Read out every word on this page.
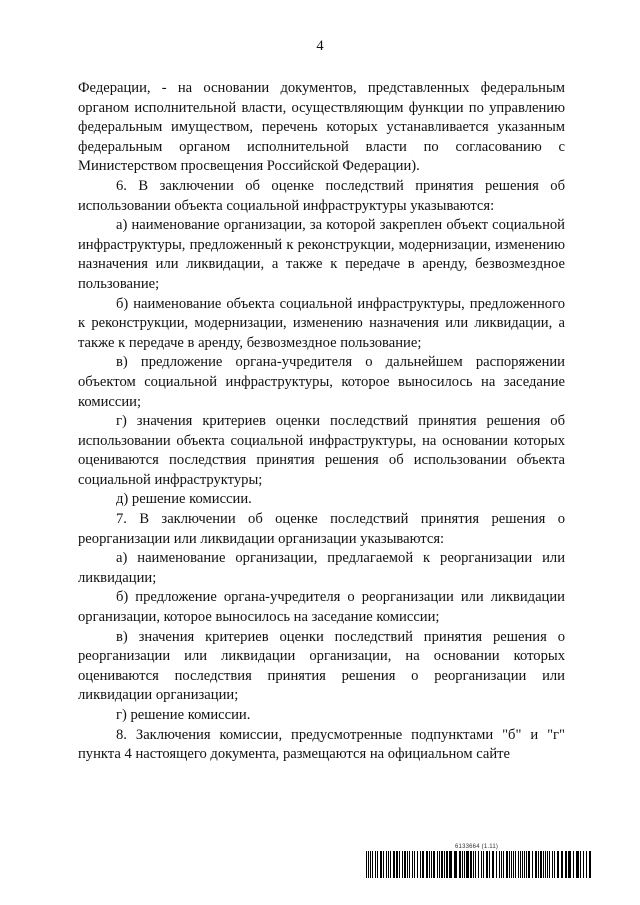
4

Федерации, - на основании документов, представленных федеральным органом исполнительной власти, осуществляющим функции по управлению федеральным имуществом, перечень которых устанавливается указанным федеральным органом исполнительной власти по согласованию с Министерством просвещения Российской Федерации).

6. В заключении об оценке последствий принятия решения об использовании объекта социальной инфраструктуры указываются:

а) наименование организации, за которой закреплен объект социальной инфраструктуры, предложенный к реконструкции, модернизации, изменению назначения или ликвидации, а также к передаче в аренду, безвозмездное пользование;

б) наименование объекта социальной инфраструктуры, предложенного к реконструкции, модернизации, изменению назначения или ликвидации, а также к передаче в аренду, безвозмездное пользование;

в) предложение органа-учредителя о дальнейшем распоряжении объектом социальной инфраструктуры, которое выносилось на заседание комиссии;

г) значения критериев оценки последствий принятия решения об использовании объекта социальной инфраструктуры, на основании которых оцениваются последствия принятия решения об использовании объекта социальной инфраструктуры;

д) решение комиссии.

7. В заключении об оценке последствий принятия решения о реорганизации или ликвидации организации указываются:

а) наименование организации, предлагаемой к реорганизации или ликвидации;

б) предложение органа-учредителя о реорганизации или ликвидации организации, которое выносилось на заседание комиссии;

в) значения критериев оценки последствий принятия решения о реорганизации или ликвидации организации, на основании которых оцениваются последствия принятия решения о реорганизации или ликвидации организации;

г) решение комиссии.

8. Заключения комиссии, предусмотренные подпунктами "б" и "г" пункта 4 настоящего документа, размещаются на официальном сайте

6133664 (1.11)
